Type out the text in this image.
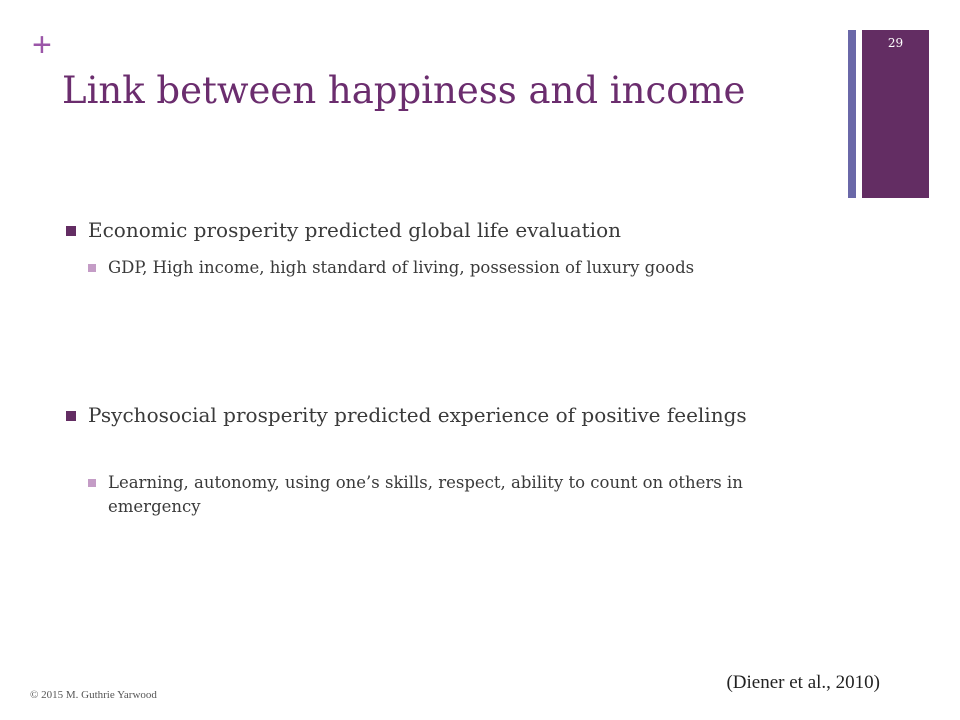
+
Link between happiness and income
29
Economic prosperity predicted global life evaluation
GDP, High income, high standard of living, possession of luxury goods
Psychosocial prosperity predicted experience of positive feelings
Learning, autonomy, using one’s skills, respect, ability to count on others in emergency
(Diener et al., 2010)
© 2015 M. Guthrie Yarwood
